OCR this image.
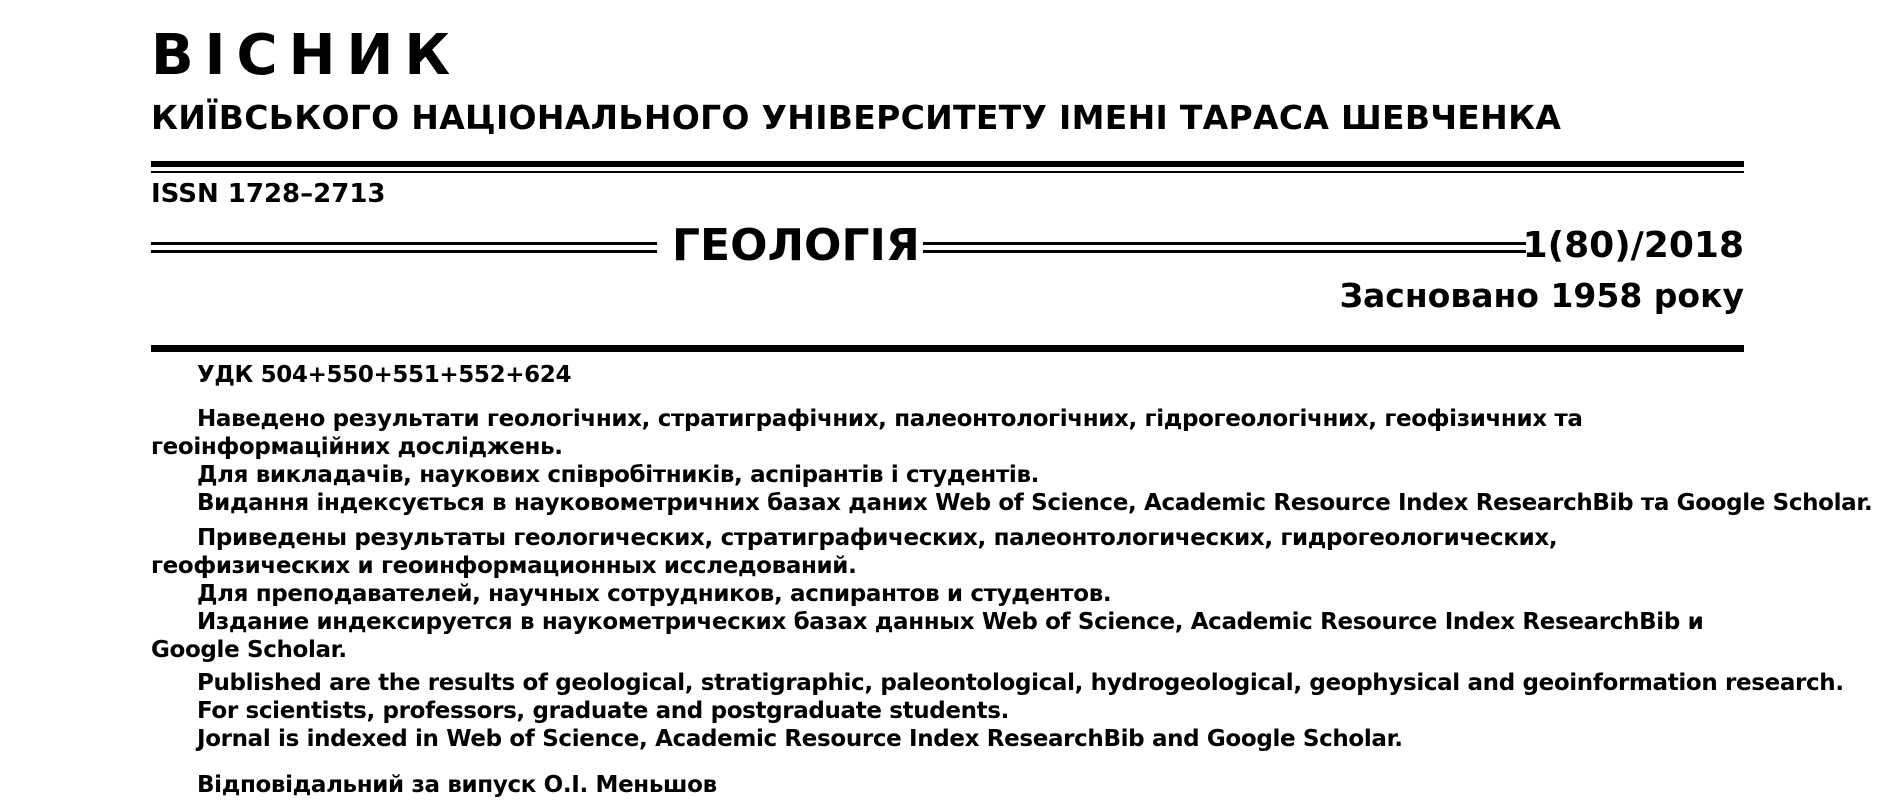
ВІСНИК
КИЇВСЬКОГО НАЦІОНАЛЬНОГО УНІВЕРСИТЕТУ ІМЕНІ ТАРАСА ШЕВЧЕНКА
ISSN 1728–2713
ГЕОЛОГІЯ	1(80)/2018
Засновано 1958 року

УДК 504+550+551+552+624

Наведено результати геологічних, стратиграфічних, палеонтологічних, гідрогеологічних, геофізичних та геоінформаційних досліджень.

Для викладачів, наукових співробітників, аспірантів і студентів.

Видання індексується в науковометричних базах даних Web of Science, Academic Resource Index ResearchBib та Google Scholar.

Приведены результаты геологических, стратиграфических, палеонтологических, гидрогеологических, геофизических и геоинформационных исследований.

Для преподавателей, научных сотрудников, аспирантов и студентов.

Издание индексируется в наукометрических базах данных Web of Science, Academic Resource Index ResearchBib и Google Scholar.

Published are the results of geological, stratigraphic, paleontological, hydrogeological, geophysical and geoinformation research.

For scientists, professors, graduate and postgraduate students.

Jornal is indexed in Web of Science, Academic Resource Index ResearchBib and Google Scholar.

Відповідальний за випуск О.І. Меньшов
